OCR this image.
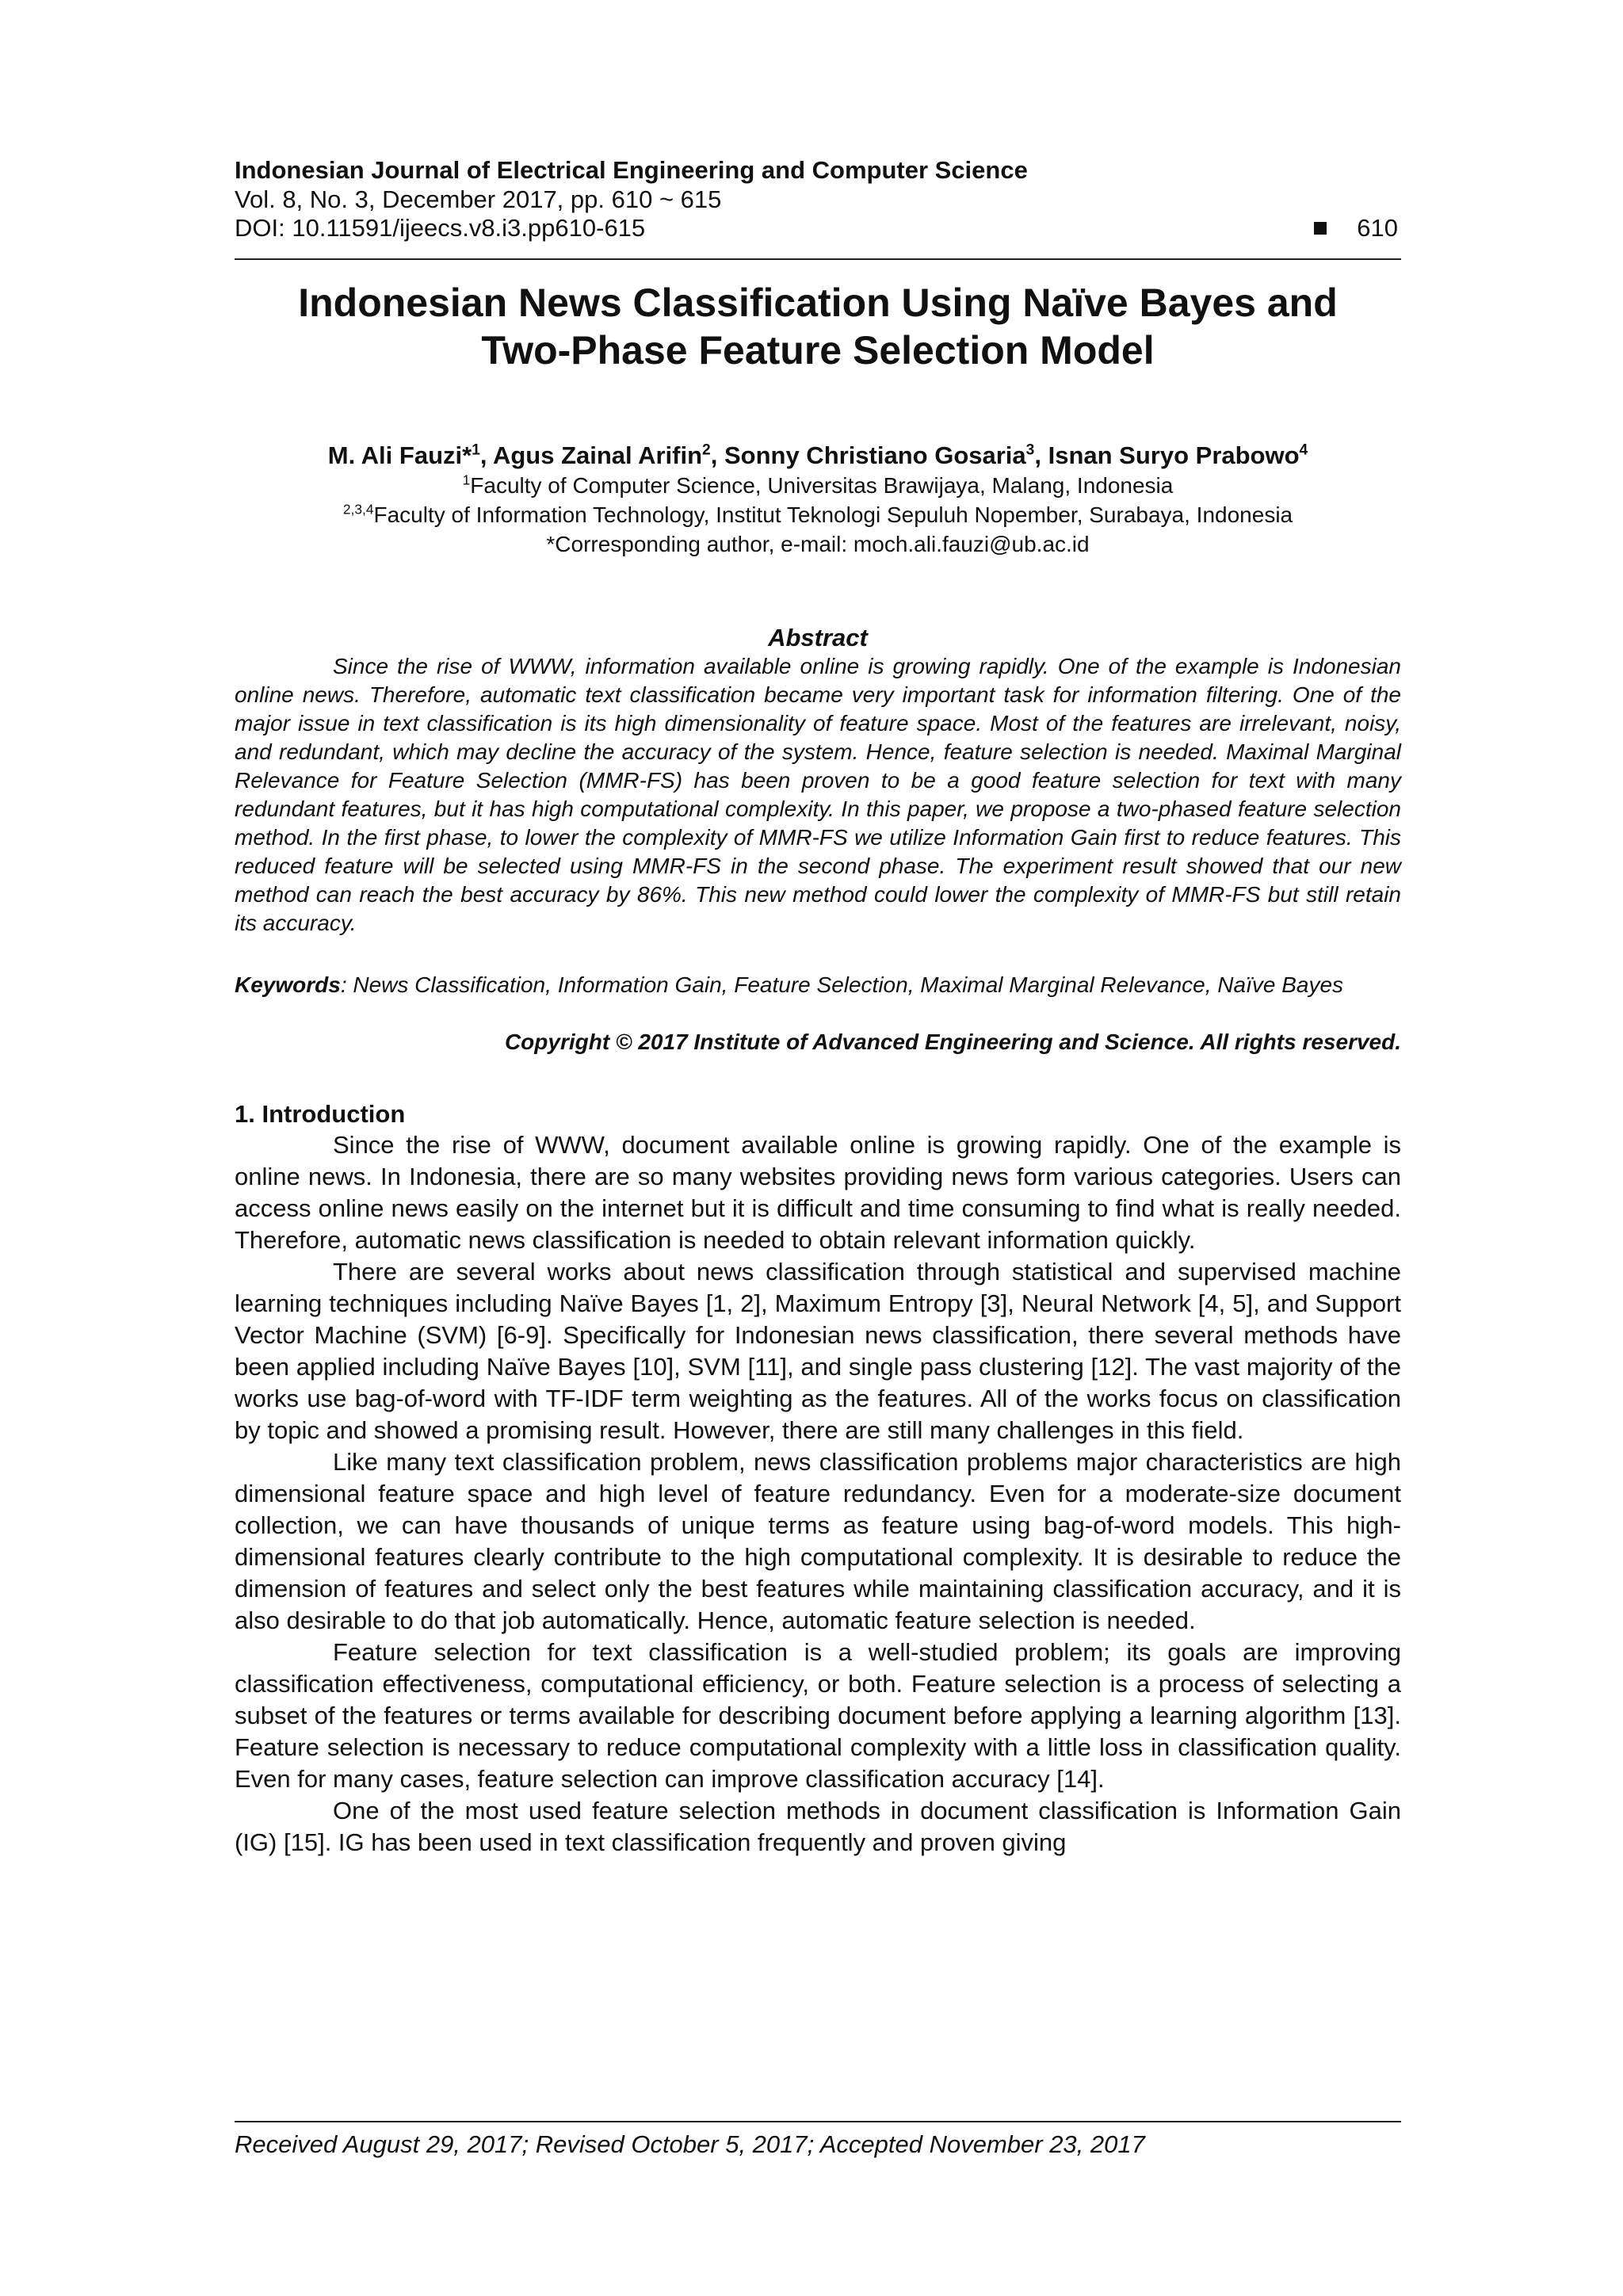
Indonesian Journal of Electrical Engineering and Computer Science
Vol. 8, No. 3, December 2017, pp. 610 ~ 615
DOI: 10.11591/ijeecs.v8.i3.pp610-615	610
Indonesian News Classification Using Naïve Bayes and
Two-Phase Feature Selection Model
M. Ali Fauzi*$^1$, Agus Zainal Arifin$^2$, Sonny Christiano Gosaria$^3$, Isnan Suryo Prabowo$^4$
$^1$Faculty of Computer Science, Universitas Brawijaya, Malang, Indonesia
$^{2,3,4}$Faculty of Information Technology, Institut Teknologi Sepuluh Nopember, Surabaya, Indonesia
*Corresponding author, e-mail: moch.ali.fauzi@ub.ac.id
Abstract

Since the rise of WWW, information available online is growing rapidly. One of the example is Indonesian online news. Therefore, automatic text classification became very important task for information filtering. One of the major issue in text classification is its high dimensionality of feature space. Most of the features are irrelevant, noisy, and redundant, which may decline the accuracy of the system. Hence, feature selection is needed. Maximal Marginal Relevance for Feature Selection (MMR-FS) has been proven to be a good feature selection for text with many redundant features, but it has high computational complexity. In this paper, we propose a two-phased feature selection method. In the first phase, to lower the complexity of MMR-FS we utilize Information Gain first to reduce features. This reduced feature will be selected using MMR-FS in the second phase. The experiment result showed that our new method can reach the best accuracy by 86%. This new method could lower the complexity of MMR-FS but still retain its accuracy.

Keywords: News Classification, Information Gain, Feature Selection, Maximal Marginal Relevance, Naïve Bayes
Copyright © 2017 Institute of Advanced Engineering and Science. All rights reserved.
1. Introduction

Since the rise of WWW, document available online is growing rapidly. One of the example is online news. In Indonesia, there are so many websites providing news form various categories. Users can access online news easily on the internet but it is difficult and time consuming to find what is really needed. Therefore, automatic news classification is needed to obtain relevant information quickly.

There are several works about news classification through statistical and supervised machine learning techniques including Naïve Bayes [1, 2], Maximum Entropy [3], Neural Network [4, 5], and Support Vector Machine (SVM) [6-9]. Specifically for Indonesian news classification, there several methods have been applied including Naïve Bayes [10], SVM [11], and single pass clustering [12]. The vast majority of the works use bag-of-word with TF-IDF term weighting as the features. All of the works focus on classification by topic and showed a promising result. However, there are still many challenges in this field.

Like many text classification problem, news classification problems major characteristics are high dimensional feature space and high level of feature redundancy. Even for a moderate-size document collection, we can have thousands of unique terms as feature using bag-of-word models. This high-dimensional features clearly contribute to the high computational complexity. It is desirable to reduce the dimension of features and select only the best features while maintaining classification accuracy, and it is also desirable to do that job automatically. Hence, automatic feature selection is needed.

Feature selection for text classification is a well-studied problem; its goals are improving classification effectiveness, computational efficiency, or both. Feature selection is a process of selecting a subset of the features or terms available for describing document before applying a learning algorithm [13]. Feature selection is necessary to reduce computational complexity with a little loss in classification quality. Even for many cases, feature selection can improve classification accuracy [14].

One of the most used feature selection methods in document classification is Information Gain (IG) [15]. IG has been used in text classification frequently and proven giving

Received August 29, 2017; Revised October 5, 2017; Accepted November 23, 2017
